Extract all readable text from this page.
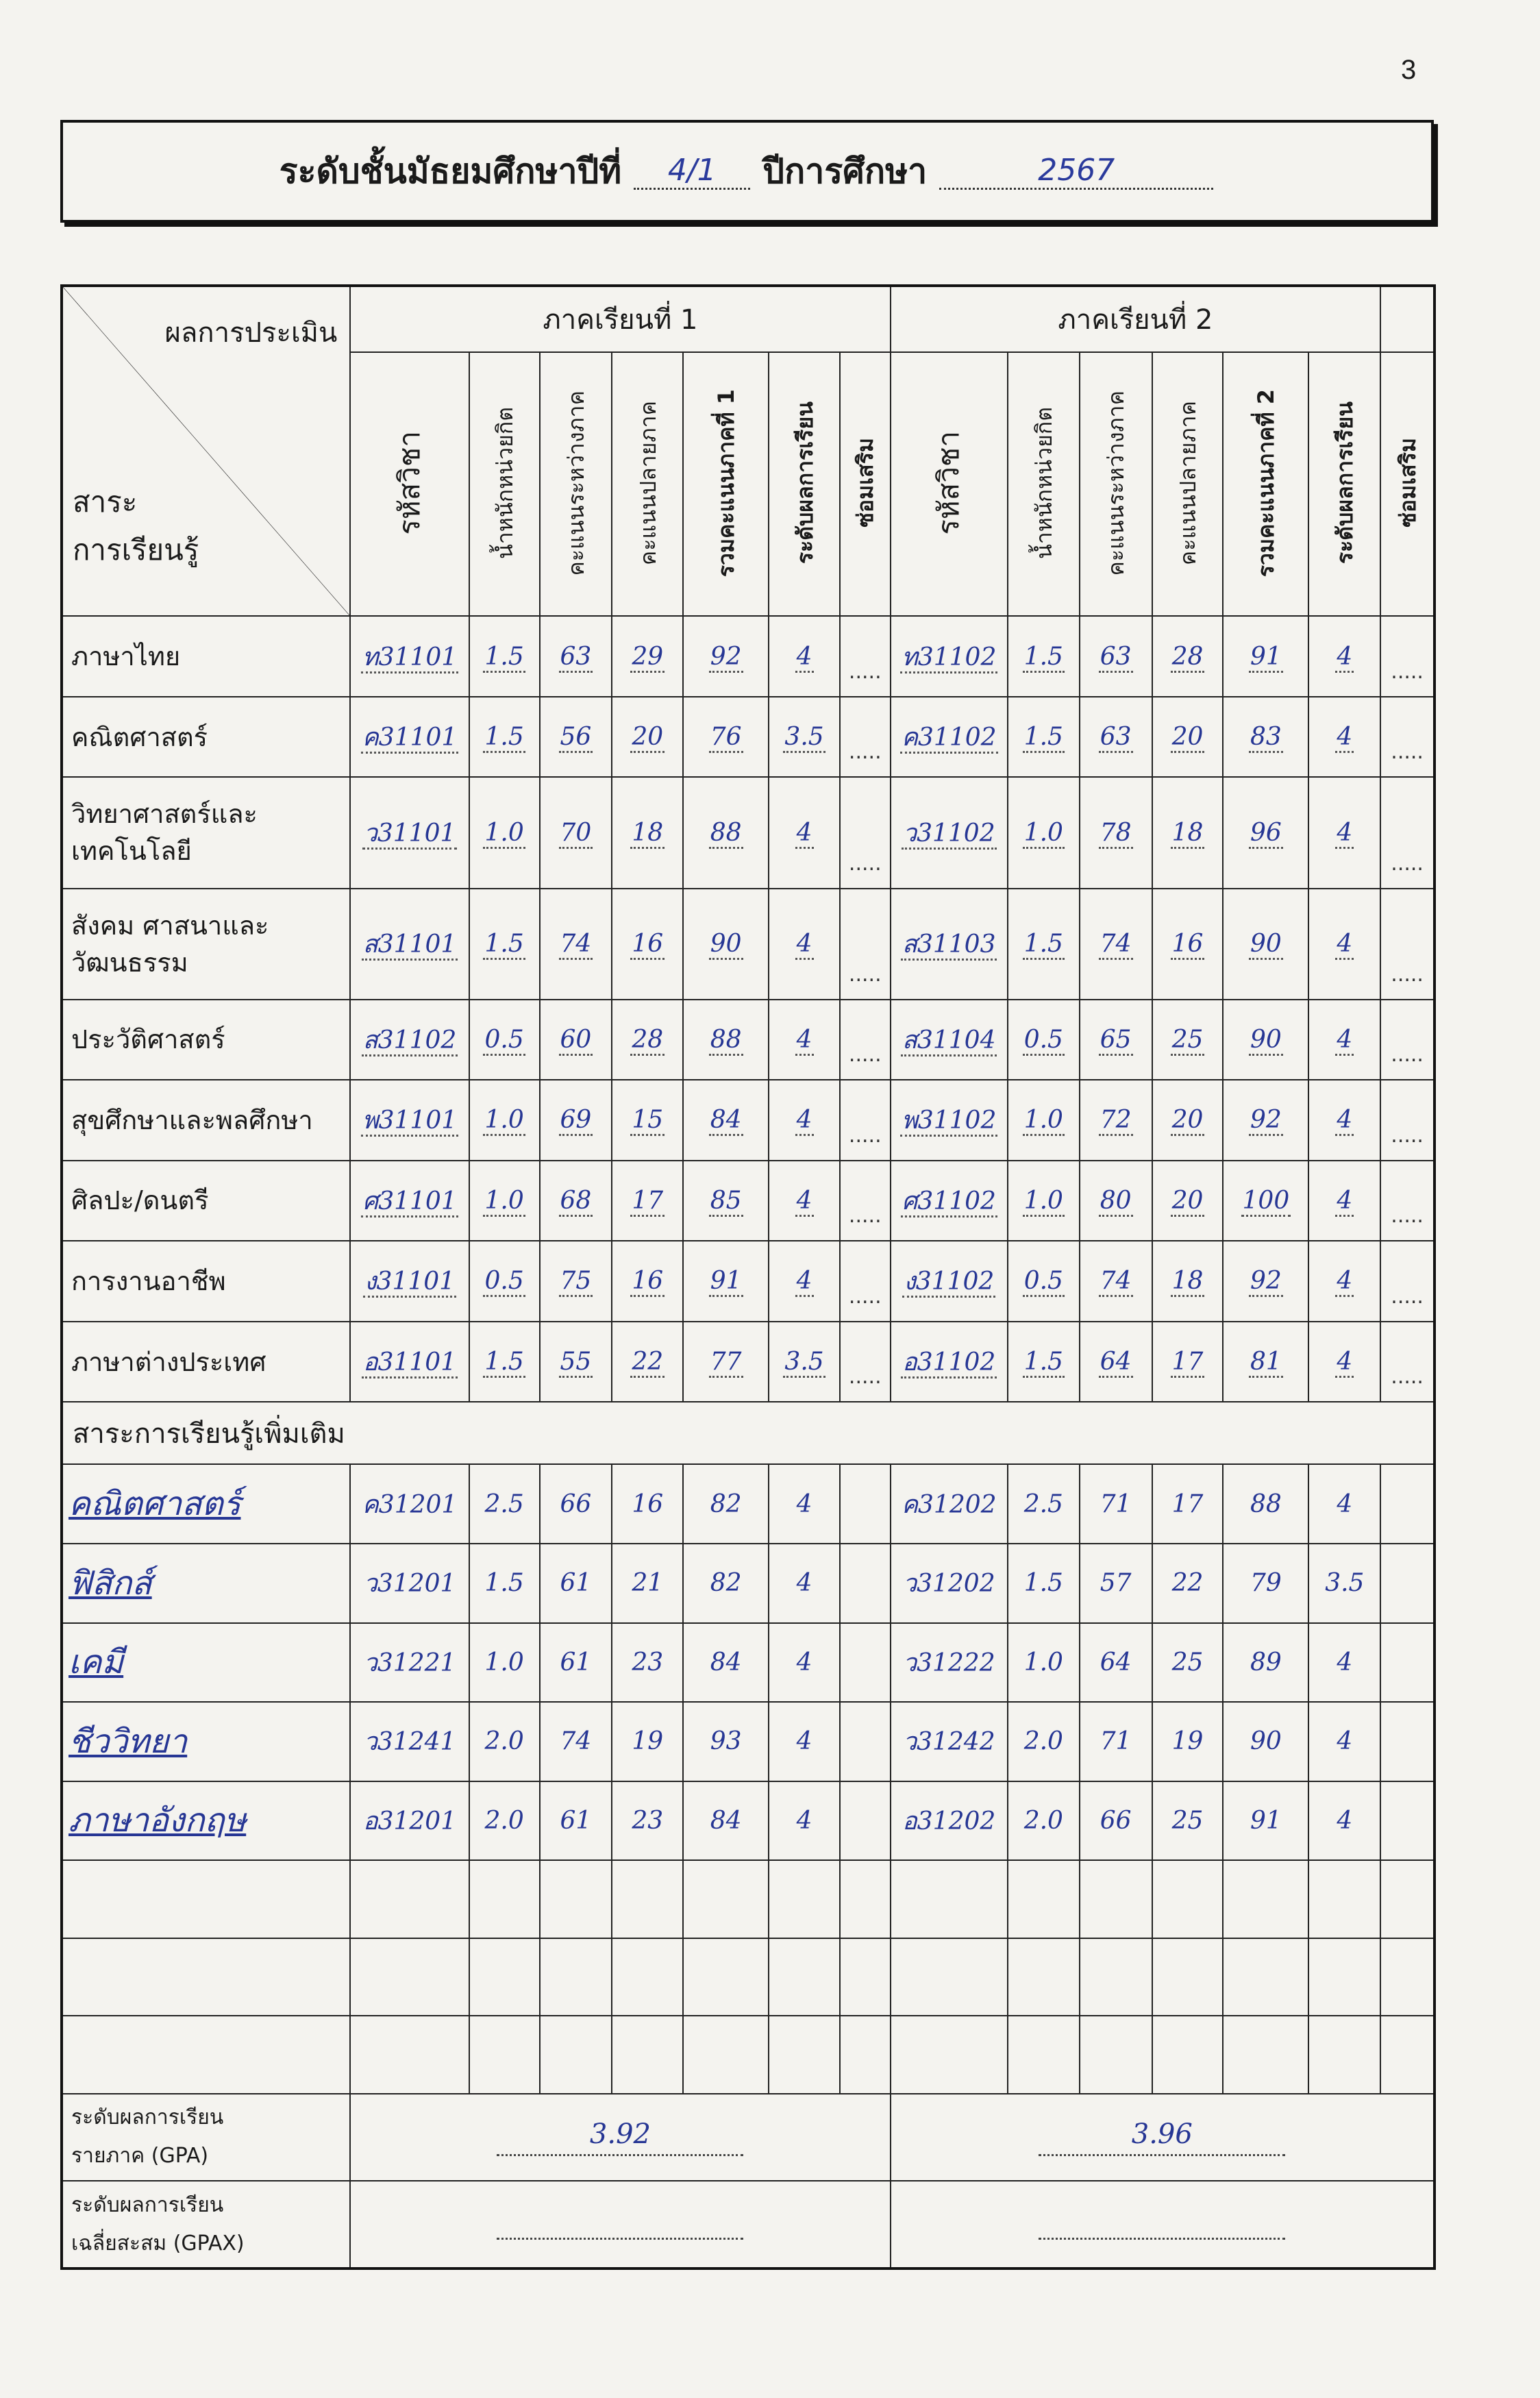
3
ระดับชั้นมัธยมศึกษาปีที่	4/1	ปีการศึกษา	2567
ผลการประเมิน
สาระ
การเรียนรู้	ภาคเรียนที่ 1							ภาคเรียนที่ 2						
	รหัสวิชา	น้ำหนักหน่วยกิต	คะแนนระหว่างภาค	คะแนนปลายภาค	รวมคะแนนภาคที่ 1	ระดับผลการเรียน	ซ่อมเสริม	รหัสวิชา	น้ำหนักหน่วยกิต	คะแนนระหว่างภาค	คะแนนปลายภาค	รวมคะแนนภาคที่ 2	ระดับผลการเรียน	ซ่อมเสริม
ภาษาไทย	ท31101	1.5	63	29	92	4	.....	ท31102	1.5	63	28	91	4	.....
คณิตศาสตร์	ค31101	1.5	56	20	76	3.5	.....	ค31102	1.5	63	20	83	4	.....
วิทยาศาสตร์และ
เทคโนโลยี	ว31101	1.0	70	18	88	4	.....	ว31102	1.0	78	18	96	4	.....
สังคม ศาสนาและ
วัฒนธรรม	ส31101	1.5	74	16	90	4	.....	ส31103	1.5	74	16	90	4	.....
ประวัติศาสตร์	ส31102	0.5	60	28	88	4	.....	ส31104	0.5	65	25	90	4	.....
สุขศึกษาและพลศึกษา	พ31101	1.0	69	15	84	4	.....	พ31102	1.0	72	20	92	4	.....
ศิลปะ/ดนตรี	ศ31101	1.0	68	17	85	4	.....	ศ31102	1.0	80	20	100	4	.....
การงานอาชีพ	ง31101	0.5	75	16	91	4	.....	ง31102	0.5	74	18	92	4	.....
ภาษาต่างประเทศ	อ31101	1.5	55	22	77	3.5	.....	อ31102	1.5	64	17	81	4	.....
สาระการเรียนรู้เพิ่มเติม														
คณิตศาสตร์	ค31201	2.5	66	16	82	4		ค31202	2.5	71	17	88	4	
ฟิสิกส์	ว31201	1.5	61	21	82	4		ว31202	1.5	57	22	79	3.5	
เคมี	ว31221	1.0	61	23	84	4		ว31222	1.0	64	25	89	4	
ชีววิทยา	ว31241	2.0	74	19	93	4		ว31242	2.0	71	19	90	4	
ภาษาอังกฤษ	อ31201	2.0	61	23	84	4		อ31202	2.0	66	25	91	4	

ระดับผลการเรียน
รายภาค (GPA)	3.92							3.96						
ระดับผลการเรียน
เฉลี่ยสะสม (GPAX)														
